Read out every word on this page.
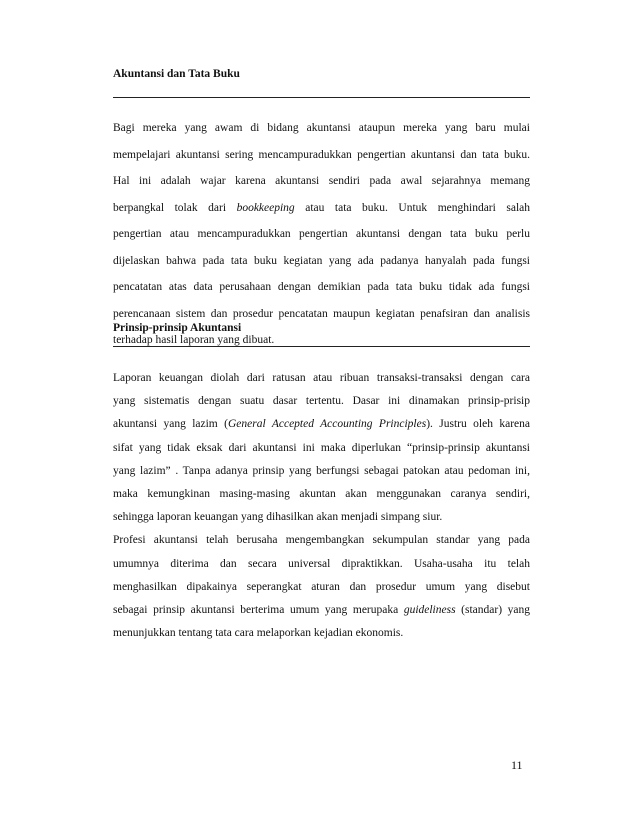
Akuntansi dan Tata Buku
Bagi mereka yang awam di bidang akuntansi ataupun mereka yang baru mulai
mempelajari akuntansi sering mencampuradukkan pengertian akuntansi dan tata buku.
Hal ini adalah wajar karena akuntansi sendiri pada awal sejarahnya memang
berpangkal tolak dari bookkeeping atau tata buku. Untuk menghindari salah
pengertian atau mencampuradukkan pengertian akuntansi dengan tata buku perlu
dijelaskan bahwa pada tata buku kegiatan yang ada padanya hanyalah pada fungsi
pencatatan atas data perusahaan dengan demikian pada tata buku tidak ada fungsi
perencanaan sistem dan prosedur pencatatan maupun kegiatan penafsiran dan analisis
terhadap hasil laporan yang dibuat.
Prinsip-prinsip Akuntansi
Laporan keuangan diolah dari ratusan atau ribuan transaksi-transaksi dengan cara
yang sistematis dengan suatu dasar tertentu. Dasar ini dinamakan prinsip-prisip
akuntansi yang lazim (General Accepted Accounting Principles). Justru oleh karena
sifat yang tidak eksak dari akuntansi ini maka diperlukan “prinsip-prinsip akuntansi
yang lazim” . Tanpa adanya prinsip yang berfungsi sebagai patokan atau pedoman ini,
maka kemungkinan masing-masing akuntan akan menggunakan caranya sendiri,
sehingga laporan keuangan yang dihasilkan akan menjadi simpang siur.
Profesi akuntansi telah berusaha mengembangkan sekumpulan standar yang pada
umumnya diterima dan secara universal dipraktikkan. Usaha-usaha itu telah
menghasilkan dipakainya seperangkat aturan dan prosedur umum yang disebut
sebagai prinsip akuntansi berterima umum yang merupaka guideliness (standar) yang
menunjukkan tentang tata cara melaporkan kejadian ekonomis.
11
